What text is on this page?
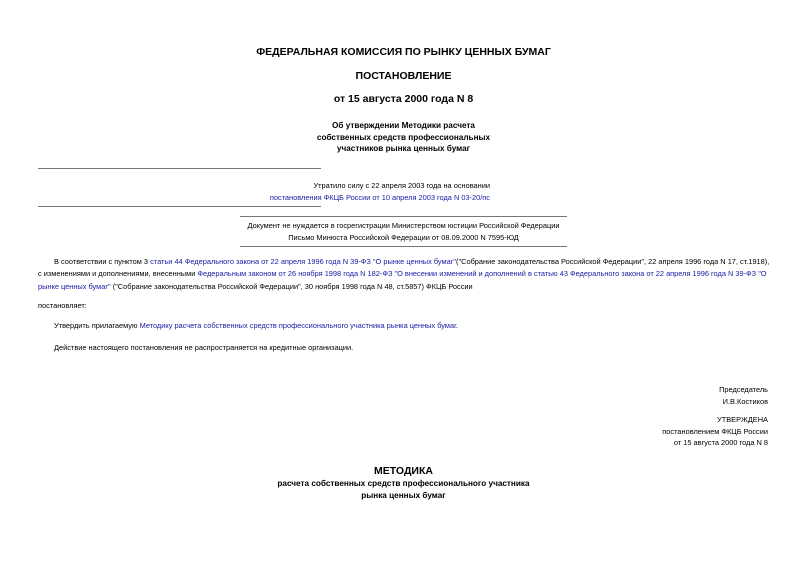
ФЕДЕРАЛЬНАЯ КОМИССИЯ ПО РЫНКУ ЦЕННЫХ БУМАГ
ПОСТАНОВЛЕНИЕ
от 15 августа 2000 года N 8
Об утверждении Методики расчета
собственных средств профессиональных
участников рынка ценных бумаг
Утратило силу с 22 апреля 2003 года на основании
постановления ФКЦБ России от 10 апреля 2003 года N 03-20/пс
Документ не нуждается в госрегистрации Министерством юстиции Российской Федерации
Письмо Минюста Российской Федерации от 08.09.2000 N 7595-ЮД
В соответствии с пунктом 3 статьи 44 Федерального закона от 22 апреля 1996 года N 39-ФЗ "О рынке ценных бумаг"("Собрание законодательства Российской Федерации", 22 апреля 1996 года N 17, ст.1918), с изменениями и дополнениями, внесенными Федеральным законом от 26 ноября 1998 года N 182-ФЗ "О внесении изменений и дополнений в статью 43 Федерального закона от 22 апреля 1996 года N 39-ФЗ "О рынке ценных бумаг" ("Собрание законодательства Российской Федерации", 30 ноября 1998 года N 48, ст.5857) ФКЦБ России
постановляет:
Утвердить прилагаемую Методику расчета собственных средств профессионального участника рынка ценных бумаг.
Действие настоящего постановления не распространяется на кредитные организации.
Председатель
И.В.Костиков
УТВЕРЖДЕНА
постановлением ФКЦБ России
от 15 августа 2000 года N 8
МЕТОДИКА
расчета собственных средств профессионального участника
рынка ценных бумаг
